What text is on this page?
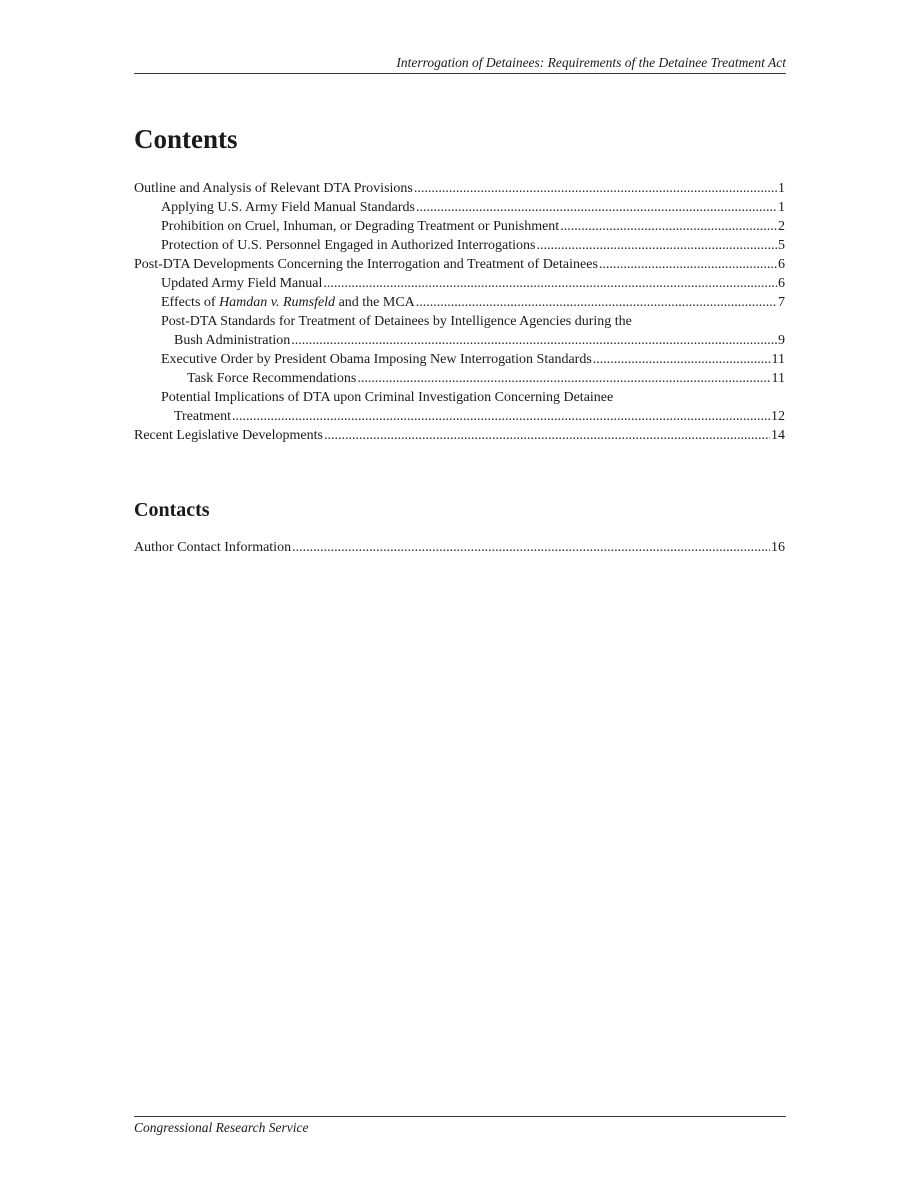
Interrogation of Detainees: Requirements of the Detainee Treatment Act
Contents
Outline and Analysis of Relevant DTA Provisions .....	1
Applying U.S. Army Field Manual Standards .....	1
Prohibition on Cruel, Inhuman, or Degrading Treatment or Punishment .....	2
Protection of U.S. Personnel Engaged in Authorized Interrogations .....	5
Post-DTA Developments Concerning the Interrogation and Treatment of Detainees .....	6
Updated Army Field Manual .....	6
Effects of Hamdan v. Rumsfeld and the MCA .....	7
Post-DTA Standards for Treatment of Detainees by Intelligence Agencies during the
Bush Administration .....	9
Executive Order by President Obama Imposing New Interrogation Standards .....	11
Task Force Recommendations .....	11
Potential Implications of DTA upon Criminal Investigation Concerning Detainee
Treatment .....	12
Recent Legislative Developments .....	14
Contacts
Author Contact Information .....	16
Congressional Research Service
